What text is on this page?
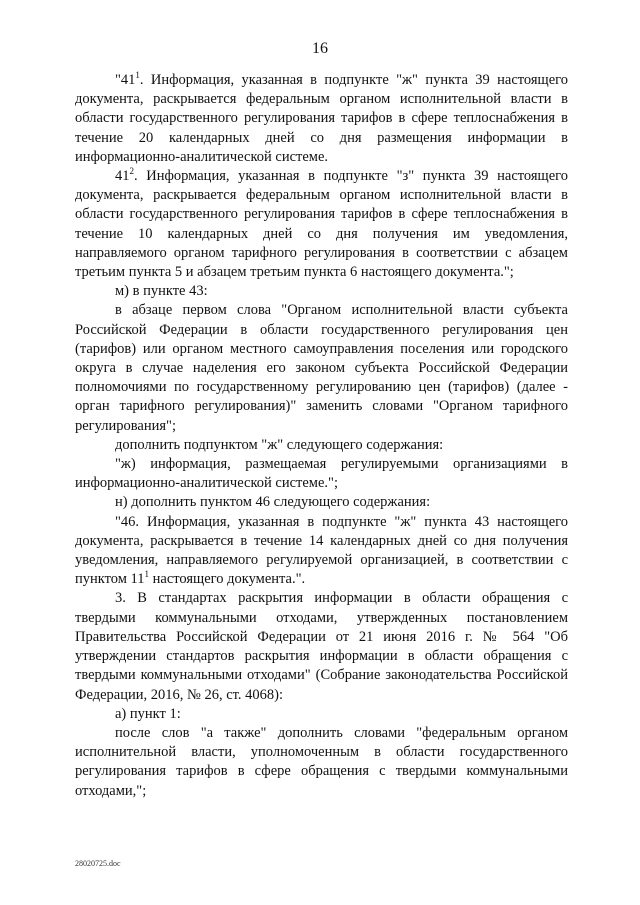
16

"$41^1$. Информация, указанная в подпункте "ж" пункта 39 настоящего документа, раскрывается федеральным органом исполнительной власти в области государственного регулирования тарифов в сфере теплоснабжения в течение 20 календарных дней со дня размещения информации в информационно-аналитической системе.

$41^2$. Информация, указанная в подпункте "з" пункта 39 настоящего документа, раскрывается федеральным органом исполнительной власти в области государственного регулирования тарифов в сфере теплоснабжения в течение 10 календарных дней со дня получения им уведомления, направляемого органом тарифного регулирования в соответствии с абзацем третьим пункта 5 и абзацем третьим пункта 6 настоящего документа.";

м) в пункте 43:

в абзаце первом слова "Органом исполнительной власти субъекта Российской Федерации в области государственного регулирования цен (тарифов) или органом местного самоуправления поселения или городского округа в случае наделения его законом субъекта Российской Федерации полномочиями по государственному регулированию цен (тарифов) (далее - орган тарифного регулирования)" заменить словами "Органом тарифного регулирования";

дополнить подпунктом "ж" следующего содержания:

"ж) информация, размещаемая регулируемыми организациями в информационно-аналитической системе.";

н) дополнить пунктом 46 следующего содержания:

"46. Информация, указанная в подпункте "ж" пункта 43 настоящего документа, раскрывается в течение 14 календарных дней со дня получения уведомления, направляемого регулируемой организацией, в соответствии с пунктом $11^1$ настоящего документа.".

3. В стандартах раскрытия информации в области обращения с твердыми коммунальными отходами, утвержденных постановлением Правительства Российской Федерации от 21 июня 2016 г. № 564 "Об утверждении стандартов раскрытия информации в области обращения с твердыми коммунальными отходами" (Собрание законодательства Российской Федерации, 2016, № 26, ст. 4068):

а) пункт 1:

после слов "а также" дополнить словами "федеральным органом исполнительной власти, уполномоченным в области государственного регулирования тарифов в сфере обращения с твердыми коммунальными отходами,";

28020725.doc
